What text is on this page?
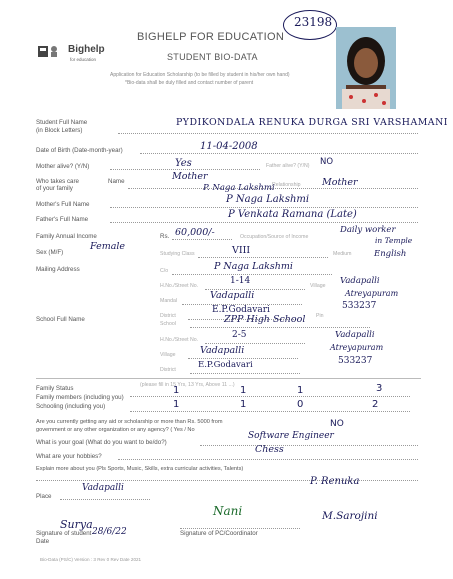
Bighelp
for education
BIGHELP FOR EDUCATION
STUDENT BIO-DATA
Application for Education Scholarship (to be filled by student in his/her own hand)
*Bio-data shall be duly filled and contact number of parent
23198
Student Full Name
(in Block Letters)
PYDIKONDALA RENUKA DURGA SRI VARSHAMANI
Date of Birth (Date-month-year)	11-04-2008
Mother alive? (Y/N)	Yes	Father alive? (Y/N) NO
Who takes care
of your family
Name	Relationship
Mother
P. Naga Lakshmi	Mother
Mother's Full Name	P Naga Lakshmi
Father's Full Name	P Venkata Ramana (Late)
Family Annual Income	Rs. 60,000/-	Occupation/Source of Income
Daily worker
in Temple
Sex (M/F)
Female
Studying Class	VIII	Medium	English
Mailing Address	C/o	P Naga Lakshmi
H.No./Street No.	1-14	Village Vadapalli
Mandal	Vadapalli	Atreyapuram
District
E.P.Godavari
Pin
533237
School Full Name
School	ZPP High School
H.No./Street No.	2-5	Vadapalli
Village	Vadapalli	Atreyapuram
District	E.P.Godavari	533237
(please fill in 15 Yrs, 13 Yrs, Above 11 ...)
Family Status
Family members (including you)
Schooling (including you)
1	1	1	3
1	1	0	2
Are you currently getting any aid or scholarship or more than Rs. 5000 from
government or any other organization or any agency? ( Yes / No
NO
What is your goal (What do you want to be/do?)
Software Engineer
What are your hobbies?
Chess
Explain more about you (Pls Sports, Music, Skills, extra curricular activities, Talents)
Place
Vadapalli
P. Renuka
Nani
Surya
28/6/22
M.Sarojini
Signature of student
Date
Signature of PC/Coordinator
Bio-Data (PS/C) Version : 3 Rev 0 Rev Date 2021
